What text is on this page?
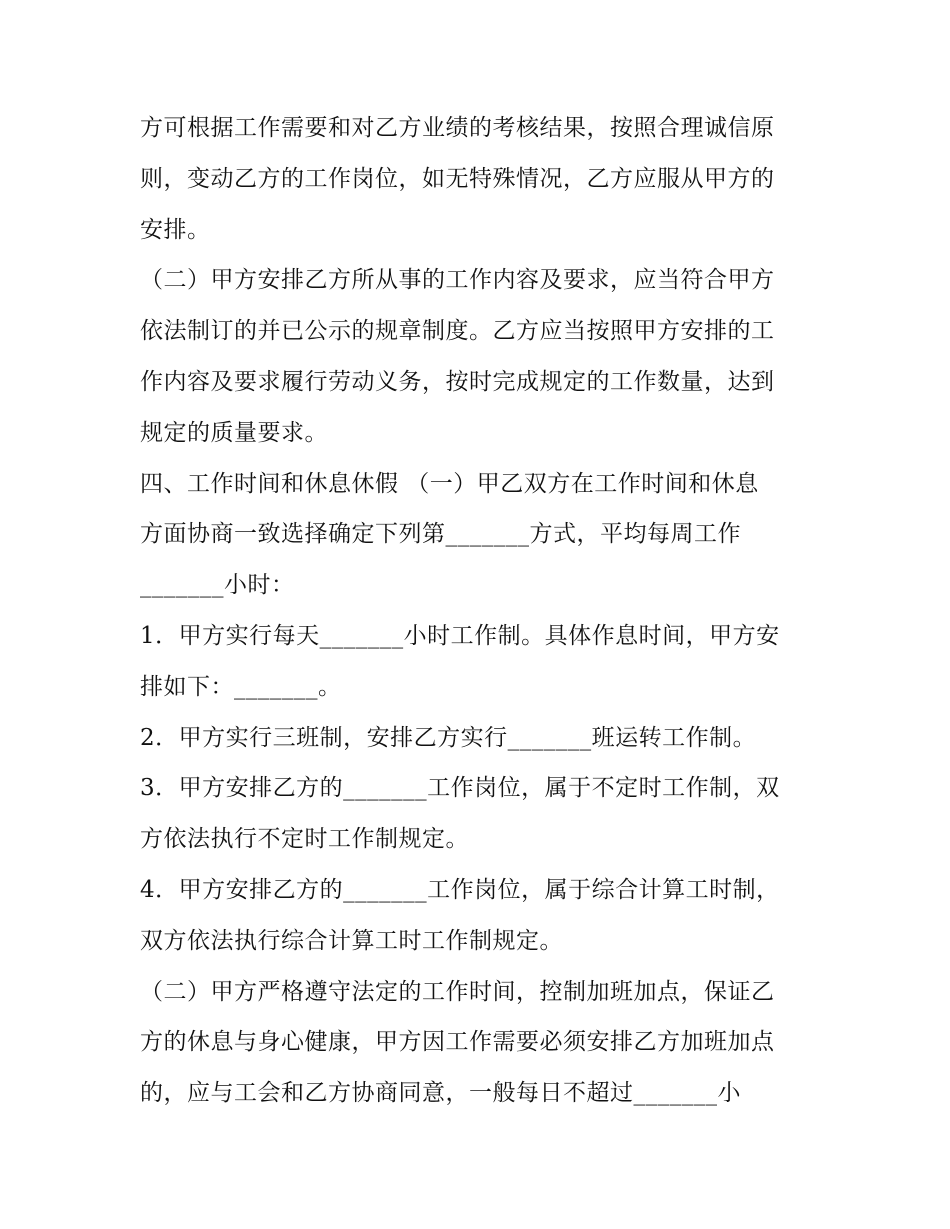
方可根据工作需要和对乙方业绩的考核结果，按照合理诚信原
则，变动乙方的工作岗位，如无特殊情况，乙方应服从甲方的
安排。
（二）甲方安排乙方所从事的工作内容及要求，应当符合甲方
依法制订的并已公示的规章制度。乙方应当按照甲方安排的工
作内容及要求履行劳动义务，按时完成规定的工作数量，达到
规定的质量要求。
四、工作时间和休息休假 （一）甲乙双方在工作时间和休息
方面协商一致选择确定下列第_______方式，平均每周工作
_______小时：
1．甲方实行每天_______小时工作制。具体作息时间，甲方安
排如下：_______。
2．甲方实行三班制，安排乙方实行_______班运转工作制。
3．甲方安排乙方的_______工作岗位，属于不定时工作制，双
方依法执行不定时工作制规定。
4．甲方安排乙方的_______工作岗位，属于综合计算工时制，
双方依法执行综合计算工时工作制规定。
（二）甲方严格遵守法定的工作时间，控制加班加点，保证乙
方的休息与身心健康，甲方因工作需要必须安排乙方加班加点
的，应与工会和乙方协商同意，一般每日不超过_______小
